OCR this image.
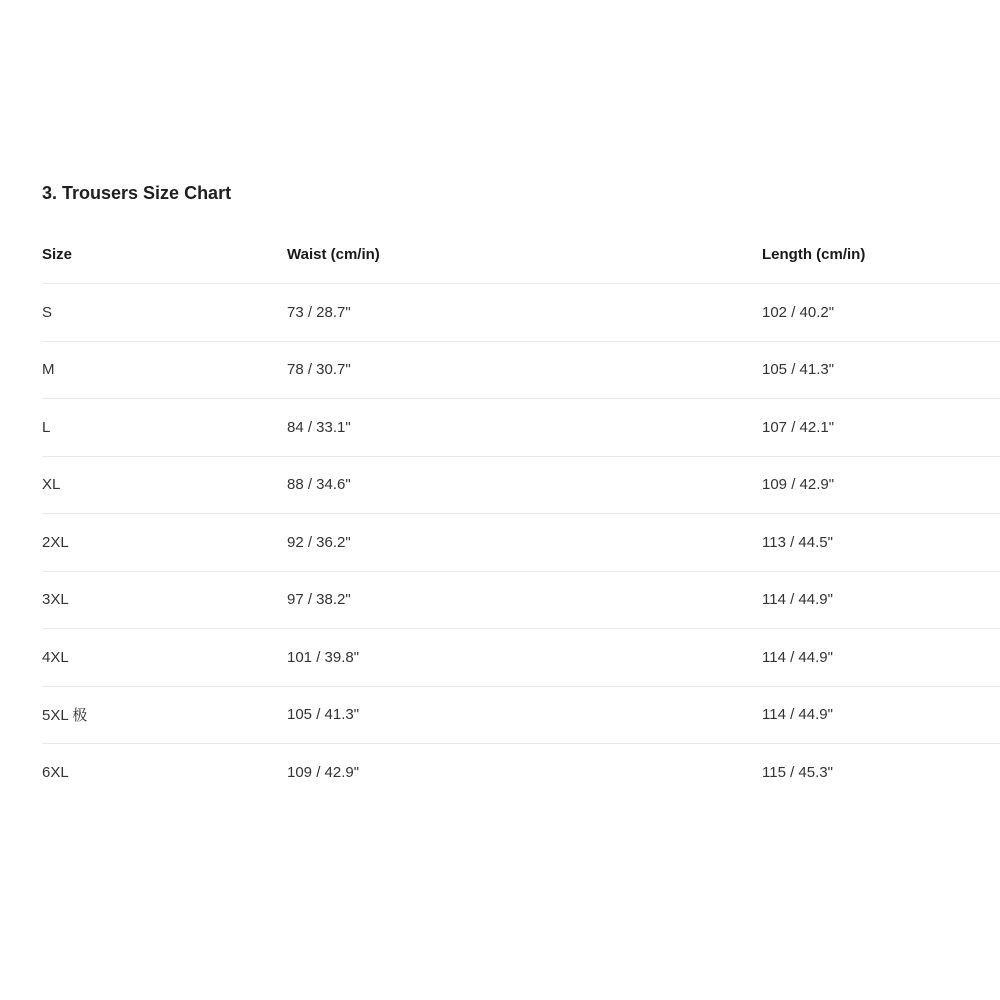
3. Trousers Size Chart
Size	Waist (cm/in)	Length (cm/in)
S	73 / 28.7"	102 / 40.2"
M	78 / 30.7"	105 / 41.3"
L	84 / 33.1"	107 / 42.1"
XL	88 / 34.6"	109 / 42.9"
2XL	92 / 36.2"	113 / 44.5"
3XL	97 / 38.2"	114 / 44.9"
4XL	101 / 39.8"	114 / 44.9"
5XL 极	105 / 41.3"	114 / 44.9"
6XL	109 / 42.9"	115 / 45.3"
